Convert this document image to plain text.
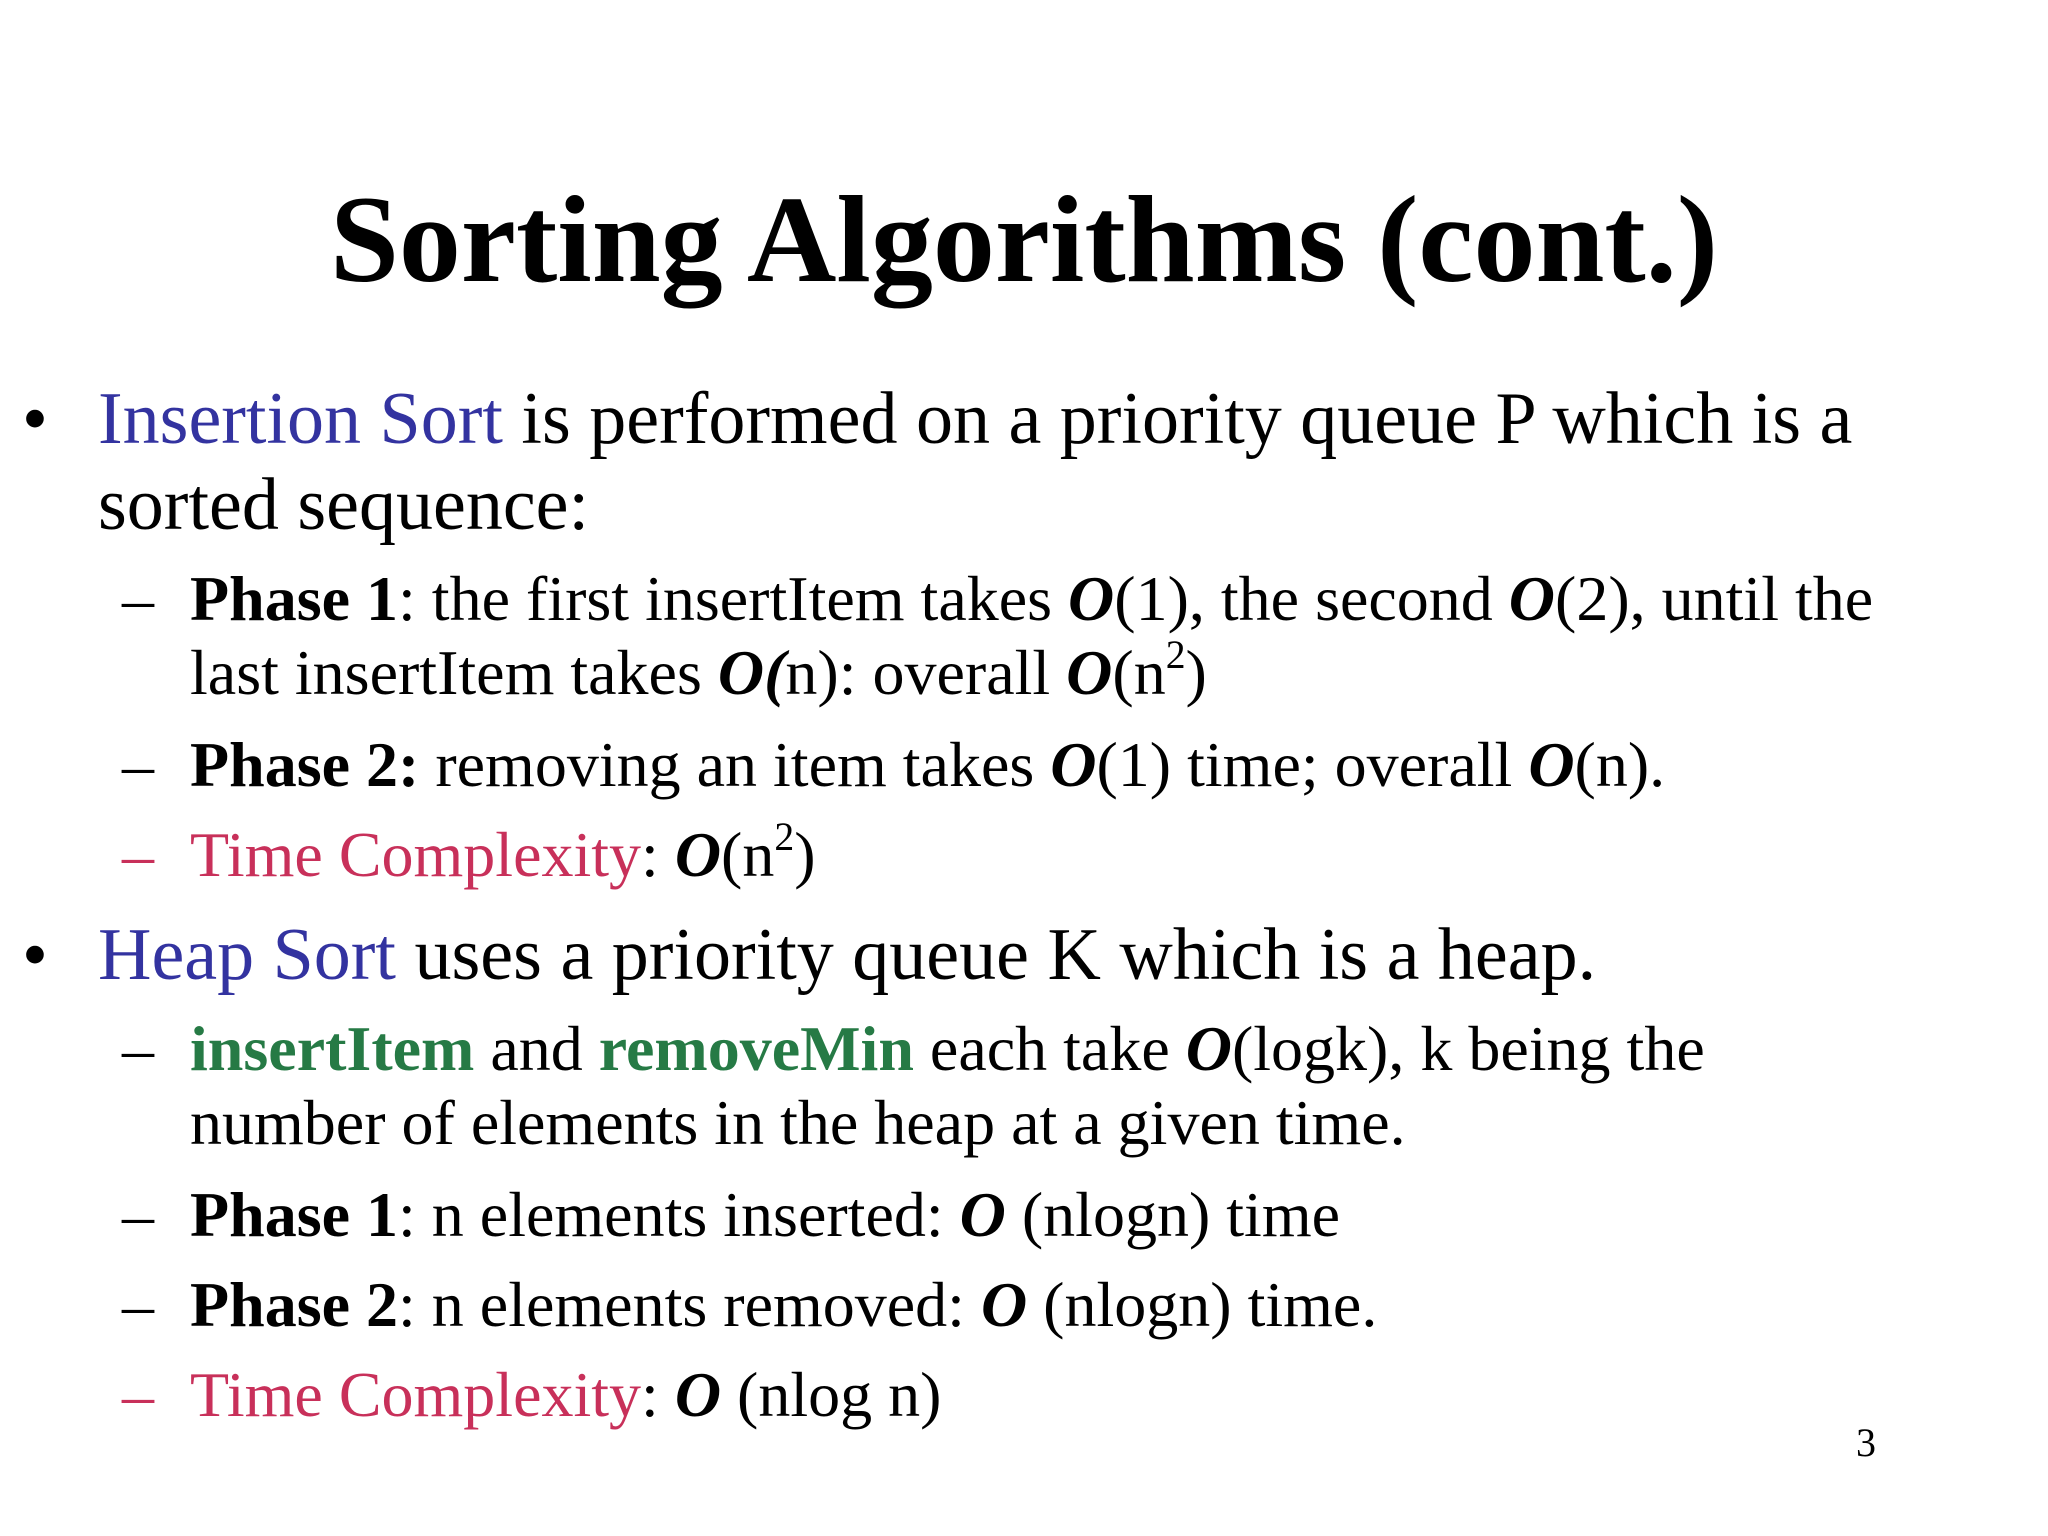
Sorting Algorithms (cont.)
• Insertion Sort is performed on a priority queue P which is a
sorted sequence:
– Phase 1: the first insertItem takes O(1), the second O(2), until the
last insertItem takes O(n): overall $O(n^2)$
– Phase 2: removing an item takes O(1) time; overall O(n).
– Time Complexity: $O(n^2)$
• Heap Sort uses a priority queue K which is a heap.
– insertItem and removeMin each take O(logk), k being the
number of elements in the heap at a given time.
– Phase 1: n elements inserted: O (nlogn) time
– Phase 2: n elements removed: O (nlogn) time.
– Time Complexity: O (nlog n)
3
